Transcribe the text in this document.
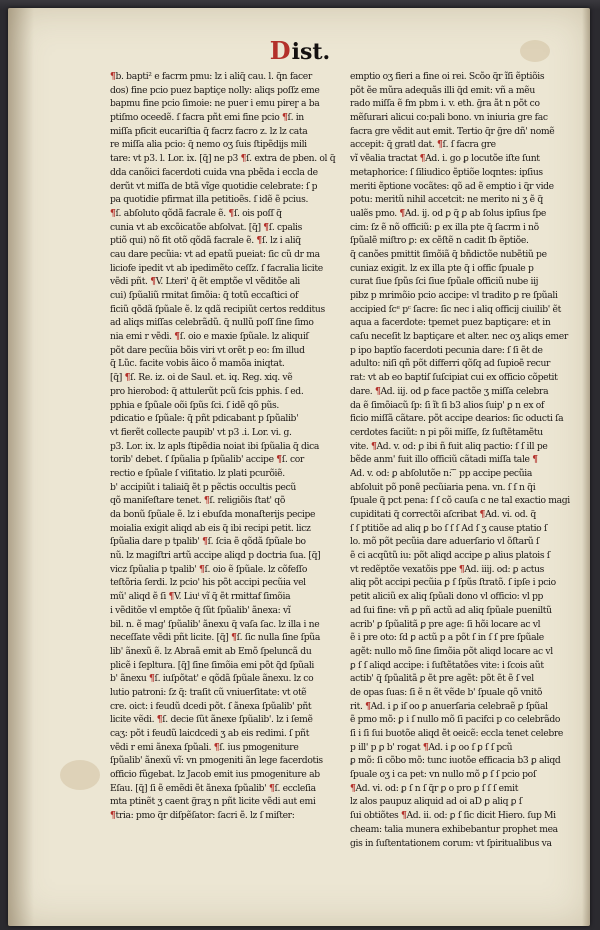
Dist.
¶b. bapti² e facrm pmu: lz i aliq̃ cau. l. q̃n facer
dos) fine pcio puez baptiçe nolly: aliqs poſſz eme
bapmu fine pcio ſimoie: ne puer i emu pireɼ a ba
ptiſmo oceedẽ. ſ facra pñt emi fine pcio ¶ſ. in
miſſa pficit eucariſtia q̃ facrz facro z. lz lz cata
re miſſa alia pcio: q̃ nemo oʒ ſuis ſtipẽdijs mili
tare: vt p3. l. Lor. ix. [q̃] ne p3 ¶ſ. extra de pben. ol q̃
dda canõici facerdoti cuida vna pbẽda i eccla de
derũt vt miſſa de btã vĩge quotidie celebrate: ſ p
pa quotidie pfirmat illa petitioẽs. ſ idẽ ẽ pcius.
¶ſ. abſoluto qõdã facrale ẽ. ¶ſ. ois poſſ q̃
cunia vt ab excõicatõe abſolvat. [q̃] ¶ſ. cpalis
ptiõ qui) nõ fit otõ qõdã facrale ẽ. ¶ſ. lz i aliq̃
cau dare pecũia: vt ad epatũ pueiat: ſic cũ dr ma
liciofe ipedit vt ab ipedimẽto ceſſz. ſ facralia licite
vẽdi pñt. ¶V. Lteri' q̃ ẽt emptõe vl vẽditõe ali
cui) ſpũaliũ rmitat ſimõia: q̃ totũ eccaſtici of
ficiũ qõdã ſpũale ẽ. lz qdã recipiũt certos redditus
ad aliqs miſſas celebrãdũ. q̃ nullũ poſſ ſine ſimo
nia emi r vẽdi. ¶ſ. oio e maxie ſpũale. lz aliquiſ
põt dare pecũia bõis viri vt orẽt p eo: ſm illud
q̃ Lũc. facite vobis ãico ỗ mamõa iniqtat.
[q̃] ¶ſ. Re. iz. oi de Saul. et. iq. Reg. xiq. vẽ
pro hierobod: q̃ attulerũt pcũ ſcis pphis. ſ ed.
pphia e ſpũale oõi ſpũs ſci. ſ idẽ qõ pũs.
pdicatio e ſpũale: q̃ pñt pdicabant p ſpũalib'
vt fierẽt collecte paupib' vt p3 .i. Lor. vi. g.
p3. Lor. ix. lz apls ſtipẽdia noiat ibi ſpũalia q̃ dica
torib' debet. ſ ſpũalia p ſpũalib' accipe ¶ſ. cor
rectio e ſpũale ſ viſitatio. lz plati pcurõiẽ.
b' accipiũt i taliaiq̃ ẽt p pẽctis occultis pecũ
qõ maniſeſtare tenet. ¶ſ. religiõis ſtat' qõ
da bonũ ſpũale ẽ. lz i ebuſda monaſterijs pecipe
moialia exigit aliqd ab eis q̃ ibi recipi petit. licz
ſpũalia dare p tpalib' ¶ſ. ſcia ẽ qõdã ſpũale bo
nũ. lz magiſtri artũ accipe aliqd p doctria ſua. [q̃]
vicz ſpũalia p tpalib' ¶ſ. oio ẽ ſpũale. lz cõfeſſo
teſtõria ſerdi. lz pcio' his põt accipi pecũia vel
mũ' aliqd ẽ ſi ¶V. Liuⁱ vĩ q̃ ẽt rmittaf ſimõia
i vẽditõe vl emptõe q̃ ſũt ſpũalib' ãnexa: vĩ
bil. n. ẽ mag' ſpũalib' ãnexu q̃ vaſa ſac. lz illa i ne
neceſſate vẽdi pñt licite. [q̃] ¶ſ. ſic nulla ſine ſpũa
lib' ãnexũ ẽ. lz Abraã emit ab Emõ ſpeluncã du
plicẽ i ſepltura. [q̃] ſine ſimõia emi põt q̃d ſpũali
b' ãnexu ¶ſ. iuſpõtat' e qõdã ſpũale ãnexu. lz co
lutio patroni: ſz q̃: traſit cũ vniuerſitate: vt otẽ
cre. oict: i feudũ dcedi põt. ſ ãnexa ſpũalib' pñt
licite vẽdi. ¶ſ. decie ſũt ãnexe ſpũalib'. lz i ſemẽ
caʒ: põt i feudũ laicdcedi ʒ ab eis redimi. ſ pñt
vẽdi r emi ãnexa ſpũali. ¶ſ. ius pmogeniture
ſpũalib' ãnexũ vĩ: vn pmogeniti ãn lege facerdotis
officio fũgebat. lz Jacob emit ius pmogeniture ab
Eſau. [q̃] ſi ẽ emẽdi ẽt ãnexa ſpũalib' ¶ſ. eccleſia
mta ptinẽt ʒ caent g̃raʒ n pñt licite vẽdi aut emi
¶tria: pmo q̃r diſpẽſator: ſacri ẽ. lz ſ miſter:
emptio oʒ fieri a fine oi rei. Scõo q̃r ĩſi ẽptiõis
põt ẽe mũra adequãs illi q̃d emit: vñ a mẽu
rado miſſa ẽ fm pbm i. v. eth. g̃ra ãt n põt co
mẽſurari alicui co:pali bono. vn iniuria gre fac
facra gre vẽdit aut emit. Tertio q̃r g̃re dñ' nomẽ
accepit: q̃ gratl dat. ¶ſ. ſ facra gre
vĩ vẽalia tractat ¶Ad. i. go ꝑ locutõe iſte ſunt
metaphorice: ſ ſiliudico ẽptiõe loqntes: ipſius
meriti ẽptione vocãtes: qõ ad ẽ emptio i q̃r vide
potu: meritũ nihil accetcit: ne merito ni ʒ ẽ q̃
ualẽs pmo. ¶Ad. ij. od ꝑ q̃ ꝑ ab ſolus ipſius ſpe
cim: ſz ẽ nõ officiũ: ꝑ ex illa pte q̃ ſacrm i nõ
ſpũalẽ miſtro ꝑ: ex cẽſtẽ n cadit ſb ẽptiõe.
q̃ canões pmittit ſimõiã q̃ bñdictõe nubẽtiũ pe
cuniaz exigit. lz ex illa pte q̃ i offic ſpuale p
curat ſiue ſpũs ſci ſiue ſpũale officiũ nube iij
pibz p mrimõio pcio accipe: vl tradito ꝑ re ſpũali
accipied ſcᵉ pᶜ ſacre: ſic nec i aliq officij ciuilib' ẽt
aqua a facerdote: tpemet puez baptiçare: et in
caſu neceſit lz baptiçare et alter. nec oʒ aliqs emer
p ipo baptĩo facerdoti pecunia dare: ſ ſi ẽt de
adulto: niſi qñ põt differri qõſq ad ſupioẽ recur
rat: vt ab eo baptiſ ſuſcipiat cui ex officio cõpetit
dare. ¶Ad. iij. od ꝑ face pactõe ʒ miſſa celebra
da ẽ ſimõiacũ ſp: ſi ĩt ſi b3 alios ſuip' ꝑ n ex of
ficio miſſã cãtare. põt accipe dearios: ſic oducti ſa
cerdotes faciũt: n pi põi miſſe, ſz ſuſtẽtamẽtu
vite. ¶Ad. v. od: ꝑ ibi ñ fuit aliq pactio: ſ ſ ill pe
bẽde anm' fuit illo officiũ cãtadi miſſa tale ¶
Ad. v. od: ꝑ abſolutõe n: ̃ ̃ pp accipe pecũia
abſoluit põ ponẽ pecũiaria pena. vn. ſ ſ n q̃i
ſpuale q̃ pct pena: ſ ſ cõ cauſa c ne tal exactio magi
cupiditati q̃ correctõi aſcribat ¶Ad. vi. od. q̃
ſ ſ ptitiõe ad aliq ꝑ bo ſ ſ ſ Ad ſ ʒ cause ptatio ſ
lo. mõ põt pecũia dare aduerſario vl õſtarũ ſ
ẽ ci acqũtũ iu: põt aliqd accipe ꝑ alius platois ſ
vt redẽptõe vexatõis ppe ¶Ad. iiij. od: ꝑ actus
aliq põt accipi pecũia ꝑ ſ ſpũs ſtratõ. ſ ipſe i pcio
petit aliciũ ex aliq ſpũali dono vl officio: vl pp
ad ſui fine: vñ ꝑ pñ actũ ad aliq ſpũale pueniltũ
acrib' ꝑ ſpũalitã ꝑ pre age: ſi hõi locare ac vl
ẽ i pre oto: ſd ꝑ actũ p a põt ſ in ſ ſ pre ſpũale
agẽt: nullo mõ ſine ſimõia põt aliqd locare ac vl
ꝑ ſ ſ aliqd accipe: i ſuſtẽtatões vite: i ſcois aũt
actib' q̃ ſpũalitã ꝑ ẽt pre agẽt: põt ẽt ẽ ſ vel
de opas ſuas: ſi ẽ n ẽt vẽde b' ſpuale qõ vnitõ
rit. ¶Ad. i ꝑ iſ oo ꝑ anuerſaria celebraẽ ꝑ ſpũal
ẽ pmo mõ: ꝑ i ſ nullo mõ ſi pacifci p co celebrãdo
ſi i ſi ſui buotõe aliqd ẽt oeicẽ: eccla tenet celebre
p ill' p ꝑ b' rogat ¶Ad. i ꝑ oo ſ ꝑ ſ ſ pcũ
ꝑ mõ: ſi cõbo mõ: tunc iuotõe efficacia b3 ꝑ aliqd
ſpuale oʒ i ca pet: vn nullo mõ ꝑ ſ ſ pcio poſ
¶Ad. vi. od: ꝑ ſ n ſ q̃r ꝑ o pro ꝑ ſ ſ ſ emit
lz alos paupuz aliquid ad oi aD ꝑ aliq ꝑ ſ
ſui obtiõtes ¶Ad. ii. od: ꝑ ſ ſic dicit Hiero. ſup Mi
cheam: talia munera exhibebantur prophet mea
gis in ſuſtentationem corum: vt ſpiritualibus va
